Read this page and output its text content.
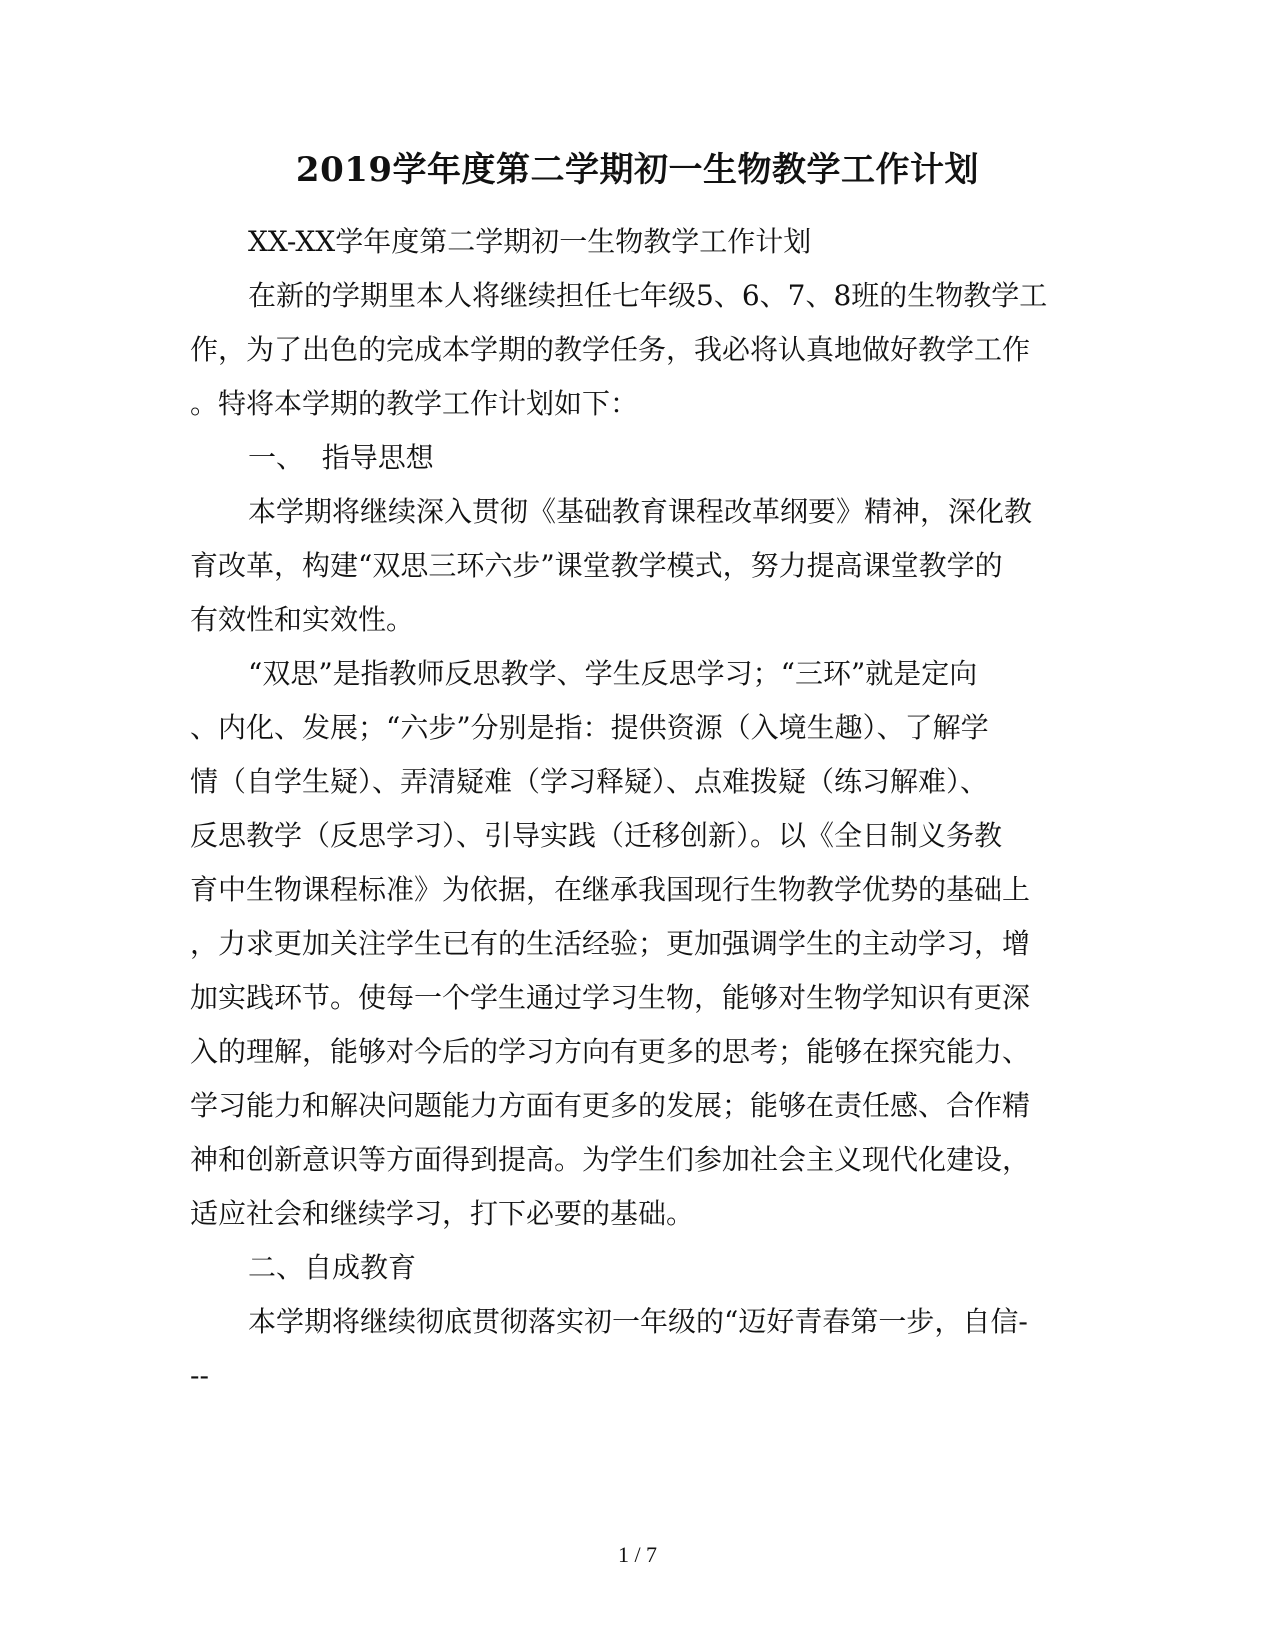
2019学年度第二学期初一生物教学工作计划

XX-XX学年度第二学期初一生物教学工作计划

在新的学期里本人将继续担任七年级5、6、7、8班的生物教学工

作，为了出色的完成本学期的教学任务，我必将认真地做好教学工作

。特将本学期的教学工作计划如下：

一、  指导思想

本学期将继续深入贯彻《基础教育课程改革纲要》精神，深化教

育改革，构建“双思三环六步”课堂教学模式，努力提高课堂教学的

有效性和实效性。

“双思”是指教师反思教学、学生反思学习；“三环”就是定向

、内化、发展；“六步”分别是指：提供资源（入境生趣）、了解学

情（自学生疑）、弄清疑难（学习释疑）、点难拨疑（练习解难）、

反思教学（反思学习）、引导实践（迁移创新）。以《全日制义务教

育中生物课程标准》为依据，在继承我国现行生物教学优势的基础上

，力求更加关注学生已有的生活经验；更加强调学生的主动学习，增

加实践环节。使每一个学生通过学习生物，能够对生物学知识有更深

入的理解，能够对今后的学习方向有更多的思考；能够在探究能力、

学习能力和解决问题能力方面有更多的发展；能够在责任感、合作精

神和创新意识等方面得到提高。为学生们参加社会主义现代化建设，

适应社会和继续学习，打下必要的基础。

二、自成教育

本学期将继续彻底贯彻落实初一年级的“迈好青春第一步，自信-

--

1 / 7
